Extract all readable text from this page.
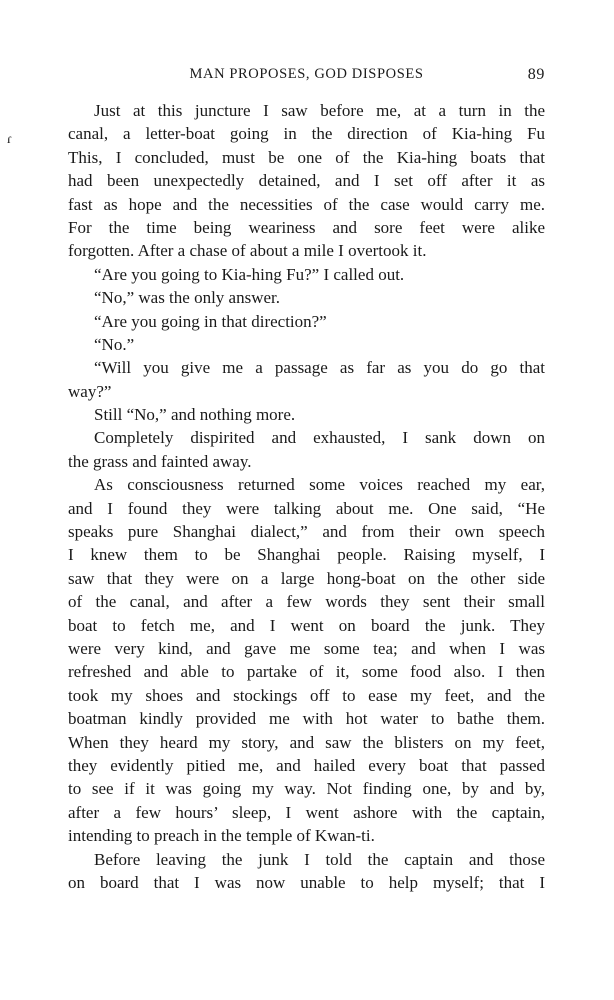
MAN PROPOSES, GOD DISPOSES	89
ɾ
Just at this juncture I saw before me, at a turn in the
canal, a letter-boat going in the direction of Kia-hing Fu
This, I concluded, must be one of the Kia-hing boats that
had been unexpectedly detained, and I set off after it as
fast as hope and the necessities of the case would carry me.
For the time being weariness and sore feet were alike
forgotten. After a chase of about a mile I overtook it.
“Are you going to Kia-hing Fu?” I called out.
“No,” was the only answer.
“Are you going in that direction?”
“No.”
“Will you give me a passage as far as you do go that
way?”
Still “No,” and nothing more.
Completely dispirited and exhausted, I sank down on
the grass and fainted away.
As consciousness returned some voices reached my ear,
and I found they were talking about me. One said, “He
speaks pure Shanghai dialect,” and from their own speech
I knew them to be Shanghai people. Raising myself, I
saw that they were on a large hong-boat on the other side
of the canal, and after a few words they sent their small
boat to fetch me, and I went on board the junk. They
were very kind, and gave me some tea; and when I was
refreshed and able to partake of it, some food also. I then
took my shoes and stockings off to ease my feet, and the
boatman kindly provided me with hot water to bathe them.
When they heard my story, and saw the blisters on my feet,
they evidently pitied me, and hailed every boat that passed
to see if it was going my way. Not finding one, by and by,
after a few hours’ sleep, I went ashore with the captain,
intending to preach in the temple of Kwan-ti.
Before leaving the junk I told the captain and those
on board that I was now unable to help myself; that I
